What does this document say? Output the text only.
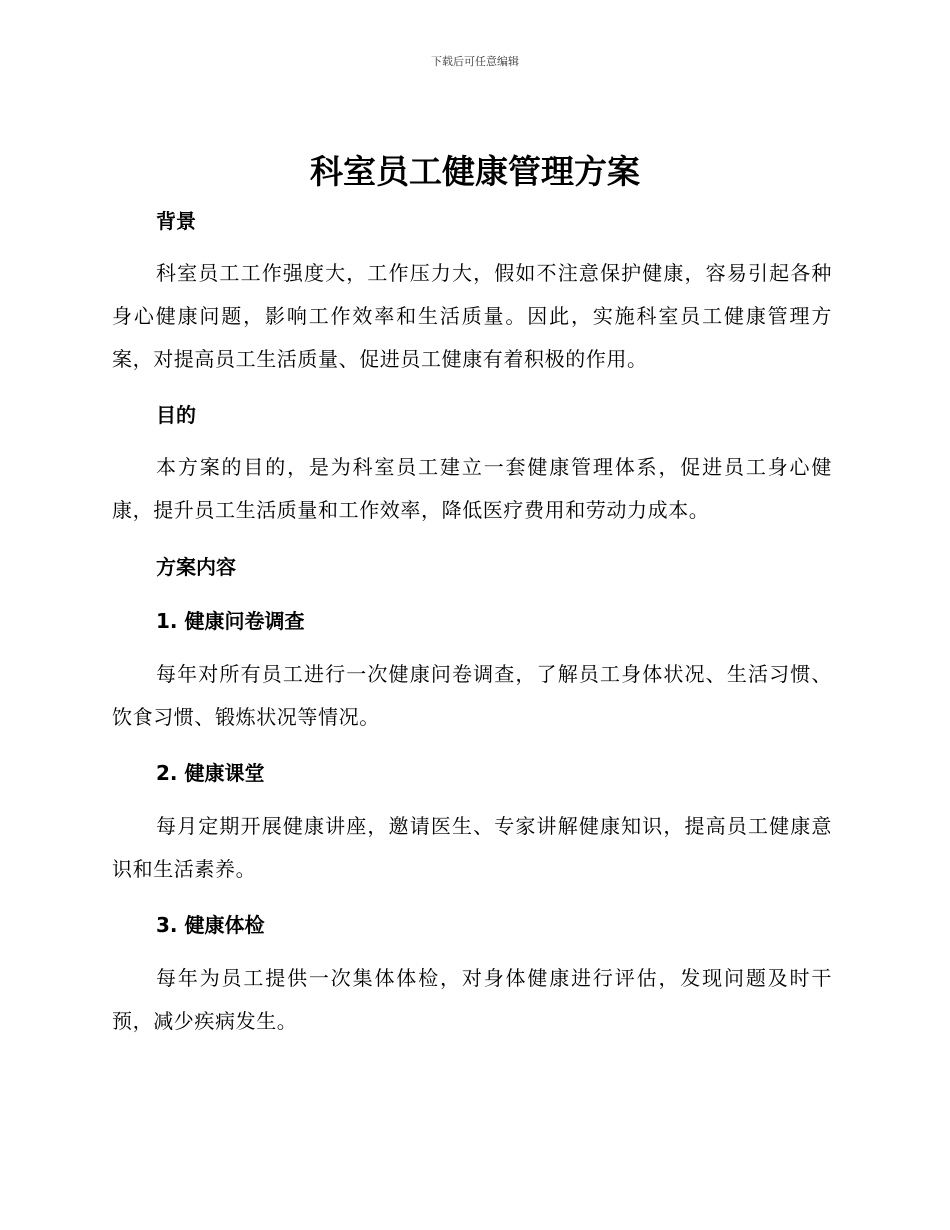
下载后可任意编辑
科室员工健康管理方案
背景
科室员工工作强度大，工作压力大，假如不注意保护健康，容易引起各种身心健康问题，影响工作效率和生活质量。因此，实施科室员工健康管理方案，对提高员工生活质量、促进员工健康有着积极的作用。
目的
本方案的目的，是为科室员工建立一套健康管理体系，促进员工身心健康，提升员工生活质量和工作效率，降低医疗费用和劳动力成本。
方案内容
1. 健康问卷调查
每年对所有员工进行一次健康问卷调查，了解员工身体状况、生活习惯、饮食习惯、锻炼状况等情况。
2. 健康课堂
每月定期开展健康讲座，邀请医生、专家讲解健康知识，提高员工健康意识和生活素养。
3. 健康体检
每年为员工提供一次集体体检，对身体健康进行评估，发现问题及时干预，减少疾病发生。
